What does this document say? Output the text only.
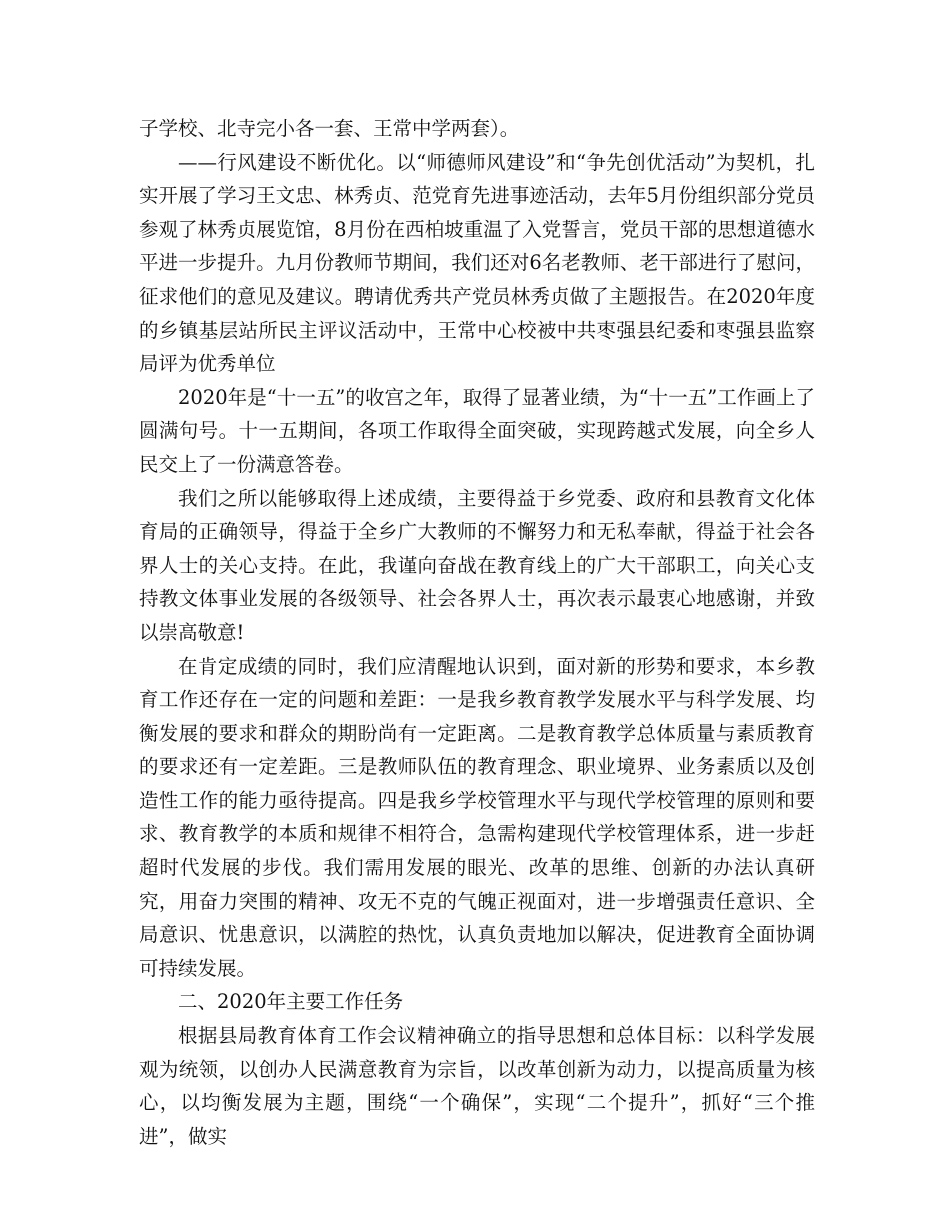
子学校、北寺完小各一套、王常中学两套）。

——行风建设不断优化。以“师德师风建设”和“争先创优活动”为契机，扎实开展了学习王文忠、林秀贞、范党育先进事迹活动，去年5月份组织部分党员参观了林秀贞展览馆，8月份在西柏坡重温了入党誓言，党员干部的思想道德水平进一步提升。九月份教师节期间，我们还对6名老教师、老干部进行了慰问，征求他们的意见及建议。聘请优秀共产党员林秀贞做了主题报告。在2020年度的乡镇基层站所民主评议活动中，王常中心校被中共枣强县纪委和枣强县监察局评为优秀单位

2020年是“十一五”的收宫之年，取得了显著业绩，为“十一五”工作画上了圆满句号。十一五期间，各项工作取得全面突破，实现跨越式发展，向全乡人民交上了一份满意答卷。

我们之所以能够取得上述成绩，主要得益于乡党委、政府和县教育文化体育局的正确领导，得益于全乡广大教师的不懈努力和无私奉献，得益于社会各界人士的关心支持。在此，我谨向奋战在教育线上的广大干部职工，向关心支持教文体事业发展的各级领导、社会各界人士，再次表示最衷心地感谢，并致以崇高敬意!

在肯定成绩的同时，我们应清醒地认识到，面对新的形势和要求，本乡教育工作还存在一定的问题和差距：一是我乡教育教学发展水平与科学发展、均衡发展的要求和群众的期盼尚有一定距离。二是教育教学总体质量与素质教育的要求还有一定差距。三是教师队伍的教育理念、职业境界、业务素质以及创造性工作的能力亟待提高。四是我乡学校管理水平与现代学校管理的原则和要求、教育教学的本质和规律不相符合，急需构建现代学校管理体系，进一步赶超时代发展的步伐。我们需用发展的眼光、改革的思维、创新的办法认真研究，用奋力突围的精神、攻无不克的气魄正视面对，进一步增强责任意识、全局意识、忧患意识，以满腔的热忱，认真负责地加以解决，促进教育全面协调可持续发展。

二、2020年主要工作任务

根据县局教育体育工作会议精神确立的指导思想和总体目标：以科学发展观为统领，以创办人民满意教育为宗旨，以改革创新为动力，以提高质量为核心，以均衡发展为主题，围绕“一个确保”，实现“二个提升”，抓好“三个推进”，做实
